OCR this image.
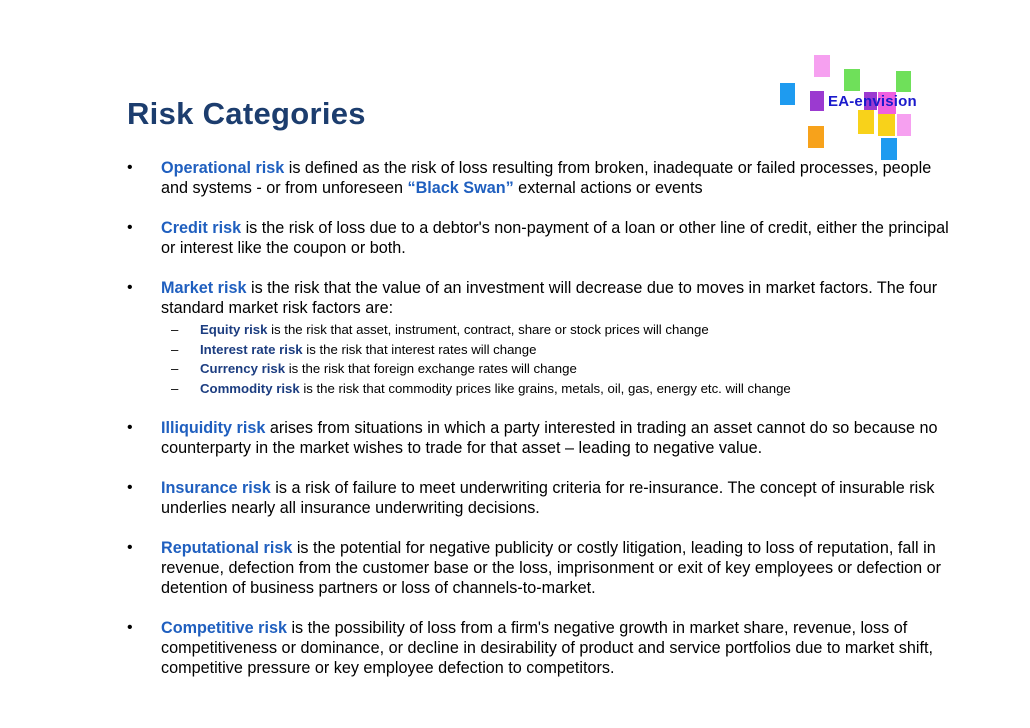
Risk Categories	EA-envision
• Operational risk is defined as the risk of loss resulting from broken, inadequate or failed processes, people and systems - or from unforeseen “Black Swan” external actions or events
• Credit risk is the risk of loss due to a debtor's non-payment of a loan or other line of credit, either the principal or interest like the coupon or both.
• Market risk is the risk that the value of an investment will decrease due to moves in market factors. The four standard market risk factors are:
– Equity risk is the risk that asset, instrument, contract, share or stock prices will change
– Interest rate risk is the risk that interest rates will change
– Currency risk is the risk that foreign exchange rates will change
– Commodity risk is the risk that commodity prices like grains, metals, oil, gas, energy etc. will change
• Illiquidity risk arises from situations in which a party interested in trading an asset cannot do so because no counterparty in the market wishes to trade for that asset – leading to negative value.
• Insurance risk is a risk of failure to meet underwriting criteria for re-insurance. The concept of insurable risk underlies nearly all insurance underwriting decisions.
• Reputational risk is the potential for negative publicity or costly litigation, leading to loss of reputation, fall in revenue, defection from the customer base or the loss, imprisonment or exit of key employees or defection or detention of business partners or loss of channels-to-market.
• Competitive risk is the possibility of loss from a firm's negative growth in market share, revenue, loss of competitiveness or dominance, or decline in desirability of product and service portfolios due to market shift, competitive pressure or key employee defection to competitors.
